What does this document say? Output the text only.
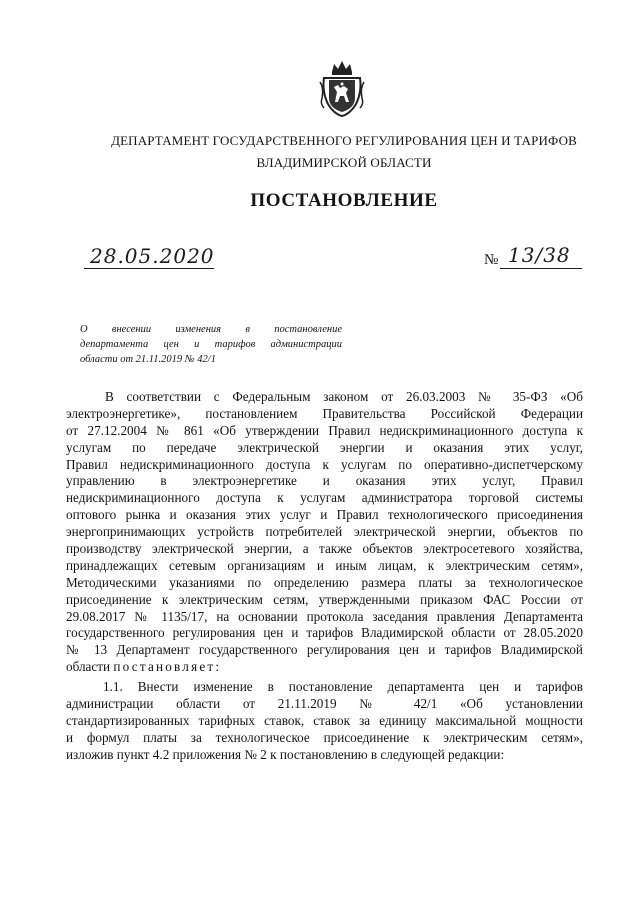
ДЕПАРТАМЕНТ ГОСУДАРСТВЕННОГО РЕГУЛИРОВАНИЯ ЦЕН И ТАРИФОВ
ВЛАДИМИРСКОЙ ОБЛАСТИ
ПОСТАНОВЛЕНИЕ
28.05.2020	№ 13/38
О внесении изменения в постановление
департамента цен и тарифов администрации
области от 21.11.2019 № 42/1
В соответствии с Федеральным законом от 26.03.2003 № 35-ФЗ «Об
электроэнергетике», постановлением Правительства Российской Федерации
от 27.12.2004 № 861 «Об утверждении Правил недискриминационного доступа к
услугам по передаче электрической энергии и оказания этих услуг,
Правил недискриминационного доступа к услугам по оперативно-диспетчерскому
управлению в электроэнергетике и оказания этих услуг, Правил
недискриминационного доступа к услугам администратора торговой системы
оптового рынка и оказания этих услуг и Правил технологического присоединения
энергопринимающих устройств потребителей электрической энергии, объектов по
производству электрической энергии, а также объектов электросетевого хозяйства,
принадлежащих сетевым организациям и иным лицам, к электрическим сетям»,
Методическими указаниями по определению размера платы за технологическое
присоединение к электрическим сетям, утвержденными приказом ФАС России от
29.08.2017 № 1135/17, на основании протокола заседания правления Департамента
государственного регулирования цен и тарифов Владимирской области от 28.05.2020
№ 13 Департамент государственного регулирования цен и тарифов Владимирской
области постановляет:
1.1. Внести изменение в постановление департамента цен и тарифов
администрации области от 21.11.2019 № 42/1 «Об установлении
стандартизированных тарифных ставок, ставок за единицу максимальной мощности
и формул платы за технологическое присоединение к электрическим сетям»,
изложив пункт 4.2 приложения № 2 к постановлению в следующей редакции:
